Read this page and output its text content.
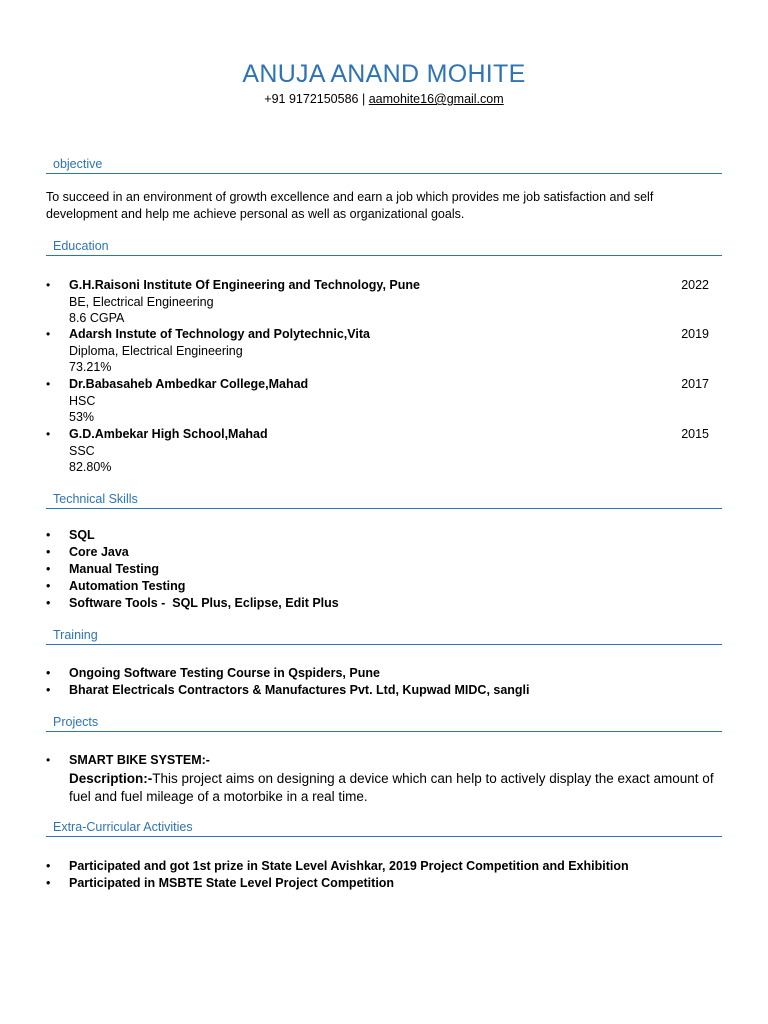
ANUJA ANAND MOHITE
+91 9172150586 | aamohite16@gmail.com
objective
To succeed in an environment of growth excellence and earn a job which provides me job satisfaction and self development and help me achieve personal as well as organizational goals.
Education
• G.H.Raisoni Institute Of Engineering and Technology, Pune
BE, Electrical Engineering
8.6 CGPA
2022
• Adarsh Instute of Technology and Polytechnic,Vita
Diploma, Electrical Engineering
73.21%
2019
• Dr.Babasaheb Ambedkar College,Mahad
HSC
53%
2017
• G.D.Ambekar High School,Mahad
SSC
82.80%
2015
Technical Skills
• SQL
• Core Java
• Manual Testing
• Automation Testing
• Software Tools -  SQL Plus, Eclipse, Edit Plus
Training
• Ongoing Software Testing Course in Qspiders, Pune
• Bharat Electricals Contractors & Manufactures Pvt. Ltd, Kupwad MIDC, sangli
Projects
• SMART BIKE SYSTEM:-
Description:-This project aims on designing a device which can help to actively display the exact amount of fuel and fuel mileage of a motorbike in a real time.
Extra-Curricular Activities
• Participated and got 1st prize in State Level Avishkar, 2019 Project Competition and Exhibition
• Participated in MSBTE State Level Project Competition
